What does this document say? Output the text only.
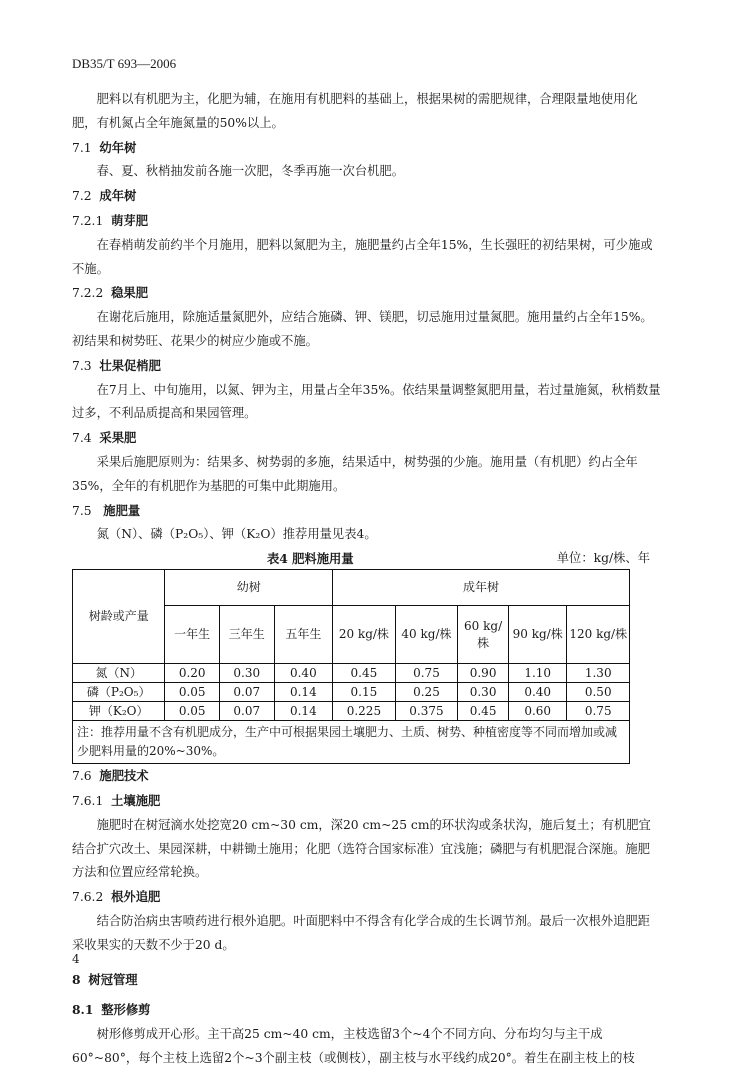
DB35/T 693—2006

肥料以有机肥为主，化肥为辅，在施用有机肥料的基础上，根据果树的需肥规律，合理限量地使用化肥，有机氮占全年施氮量的50%以上。

7.1 幼年树

春、夏、秋梢抽发前各施一次肥，冬季再施一次台机肥。

7.2 成年树

7.2.1 萌芽肥

在春梢萌发前约半个月施用，肥料以氮肥为主，施肥量约占全年15%，生长强旺的初结果树，可少施或不施。

7.2.2 稳果肥

在谢花后施用，除施适量氮肥外，应结合施磷、钾、镁肥，切忌施用过量氮肥。施用量约占全年15%。初结果和树势旺、花果少的树应少施或不施。

7.3 壮果促梢肥

在7月上、中旬施用，以氮、钾为主，用量占全年35%。依结果量调整氮肥用量，若过量施氮，秋梢数量过多，不利品质提高和果园管理。

7.4 采果肥

采果后施肥原则为：结果多、树势弱的多施，结果适中，树势强的少施。施用量（有机肥）约占全年35%，全年的有机肥作为基肥的可集中此期施用。

7.5 施肥量

氮（N）、磷（P₂O₅）、钾（K₂O）推荐用量见表4。

表4 肥料施用量	单位：kg/株、年
树龄或产量	幼树			成年树				
	一年生	三年生	五年生	20 kg/株	40 kg/株	60 kg/株	90 kg/株	120 kg/株
氮（N）	0.20	0.30	0.40	0.45	0.75	0.90	1.10	1.30
磷（P₂O₅）	0.05	0.07	0.14	0.15	0.25	0.30	0.40	0.50
钾（K₂O）	0.05	0.07	0.14	0.225	0.375	0.45	0.60	0.75
注：推荐用量不含有机肥成分，生产中可根据果园土壤肥力、土质、树势、种植密度等不同而增加或减少肥料用量的20%~30%。								

7.6 施肥技术

7.6.1 土壤施肥

施肥时在树冠滴水处挖宽20 cm~30 cm，深20 cm~25 cm的环状沟或条状沟，施后复土；有机肥宜结合扩穴改土、果园深耕，中耕锄土施用；化肥（选符合国家标准）宜浅施；磷肥与有机肥混合深施。施肥方法和位置应经常轮换。

7.6.2 根外追肥

结合防治病虫害喷药进行根外追肥。叶面肥料中不得含有化学合成的生长调节剂。最后一次根外追肥距采收果实的天数不少于20 d。

8 树冠管理

8.1 整形修剪

树形修剪成开心形。主干高25 cm~40 cm，主枝选留3个~4个不同方向、分布均匀与主干成60°~80°，每个主枝上选留2个~3个副主枝（或侧枝），副主枝与水平线约成20°。着生在副主枝上的枝

4
